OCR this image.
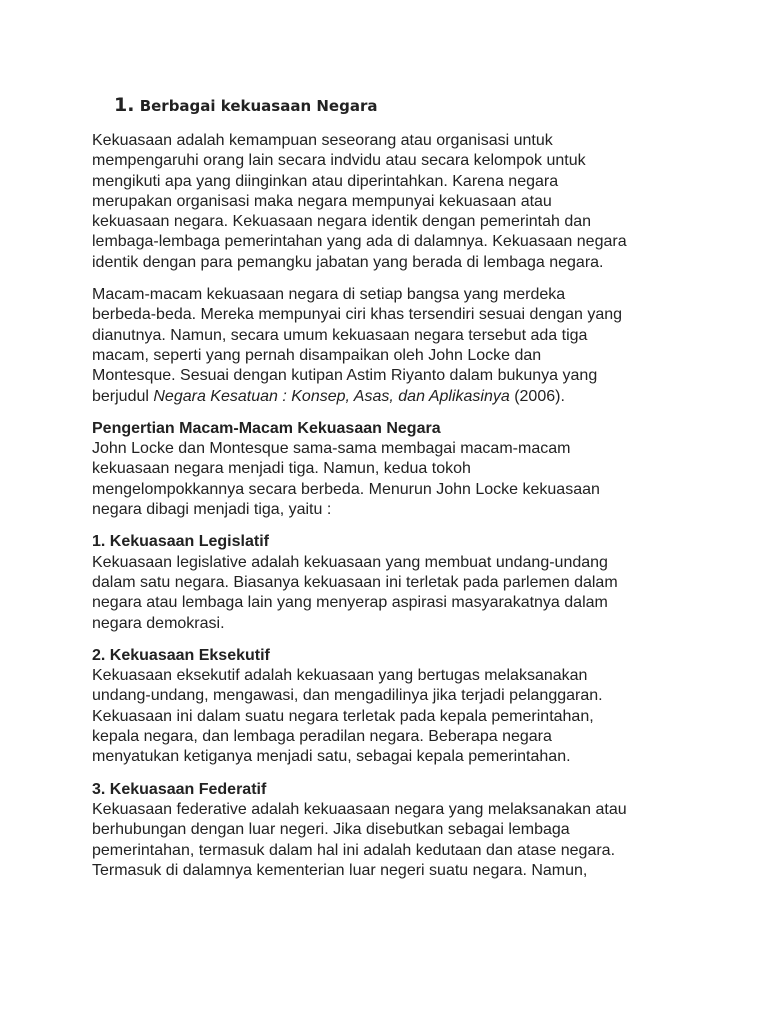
1. Berbagai kekuasaan Negara

Kekuasaan adalah kemampuan seseorang atau organisasi untuk
mempengaruhi orang lain secara indvidu atau secara kelompok untuk
mengikuti apa yang diinginkan atau diperintahkan. Karena negara
merupakan organisasi maka negara mempunyai kekuasaan atau
kekuasaan negara. Kekuasaan negara identik dengan pemerintah dan
lembaga-lembaga pemerintahan yang ada di dalamnya. Kekuasaan negara
identik dengan para pemangku jabatan yang berada di lembaga negara.

Macam-macam kekuasaan negara di setiap bangsa yang merdeka
berbeda-beda. Mereka mempunyai ciri khas tersendiri sesuai dengan yang
dianutnya. Namun, secara umum kekuasaan negara tersebut ada tiga
macam, seperti yang pernah disampaikan oleh John Locke dan
Montesque. Sesuai dengan kutipan Astim Riyanto dalam bukunya yang
berjudul Negara Kesatuan : Konsep, Asas, dan Aplikasinya (2006).

Pengertian Macam-Macam Kekuasaan Negara

John Locke dan Montesque sama-sama membagai macam-macam
kekuasaan negara menjadi tiga. Namun, kedua tokoh
mengelompokkannya secara berbeda. Menurun John Locke kekuasaan
negara dibagi menjadi tiga, yaitu :

1. Kekuasaan Legislatif

Kekuasaan legislative adalah kekuasaan yang membuat undang-undang
dalam satu negara. Biasanya kekuasaan ini terletak pada parlemen dalam
negara atau lembaga lain yang menyerap aspirasi masyarakatnya dalam
negara demokrasi.

2. Kekuasaan Eksekutif

Kekuasaan eksekutif adalah kekuasaan yang bertugas melaksanakan
undang-undang, mengawasi, dan mengadilinya jika terjadi pelanggaran.
Kekuasaan ini dalam suatu negara terletak pada kepala pemerintahan,
kepala negara, dan lembaga peradilan negara. Beberapa negara
menyatukan ketiganya menjadi satu, sebagai kepala pemerintahan.

3. Kekuasaan Federatif

Kekuasaan federative adalah kekuaasaan negara yang melaksanakan atau
berhubungan dengan luar negeri. Jika disebutkan sebagai lembaga
pemerintahan, termasuk dalam hal ini adalah kedutaan dan atase negara.
Termasuk di dalamnya kementerian luar negeri suatu negara. Namun,
